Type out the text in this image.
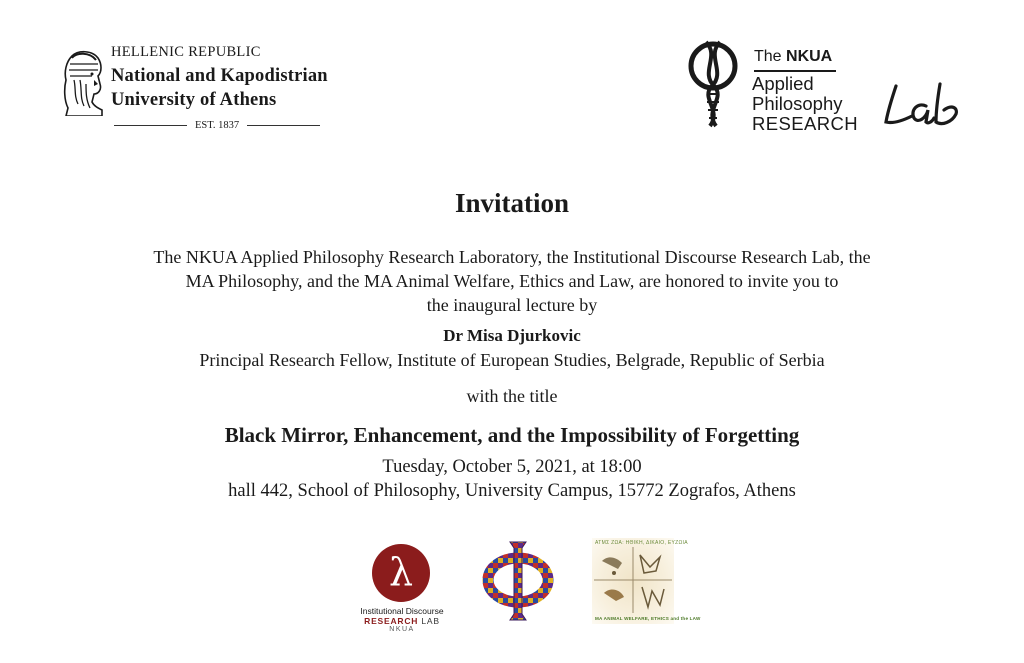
HELLENIC REPUBLIC
National and Kapodistrian
University of Athens
EST. 1837
The NKUA
Applied
Philosophy
RESEARCH
Invitation
The NKUA Applied Philosophy Research Laboratory, the Institutional Discourse Research Lab, the
MA Philosophy, and the MA Animal Welfare, Ethics and Law, are honored to invite you to
the inaugural lecture by
Dr Misa Djurkovic
Principal Research Fellow, Institute of European Studies, Belgrade, Republic of Serbia
with the title
Black Mirror, Enhancement, and the Impossibility of Forgetting
Tuesday, October 5, 2021, at 18:00
hall 442, School of Philosophy, University Campus, 15772 Zografos, Athens
λ
Institutional Discourse
RESEARCH LAB
NKUA
ΑΤΜΣ ΖΩΑ: ΗΘΙΚΗ, ΔΙΚΑΙΟ, ΕΥΖΩΙΑ
MA ANIMAL WELFARE, ETHICS and the LAW
